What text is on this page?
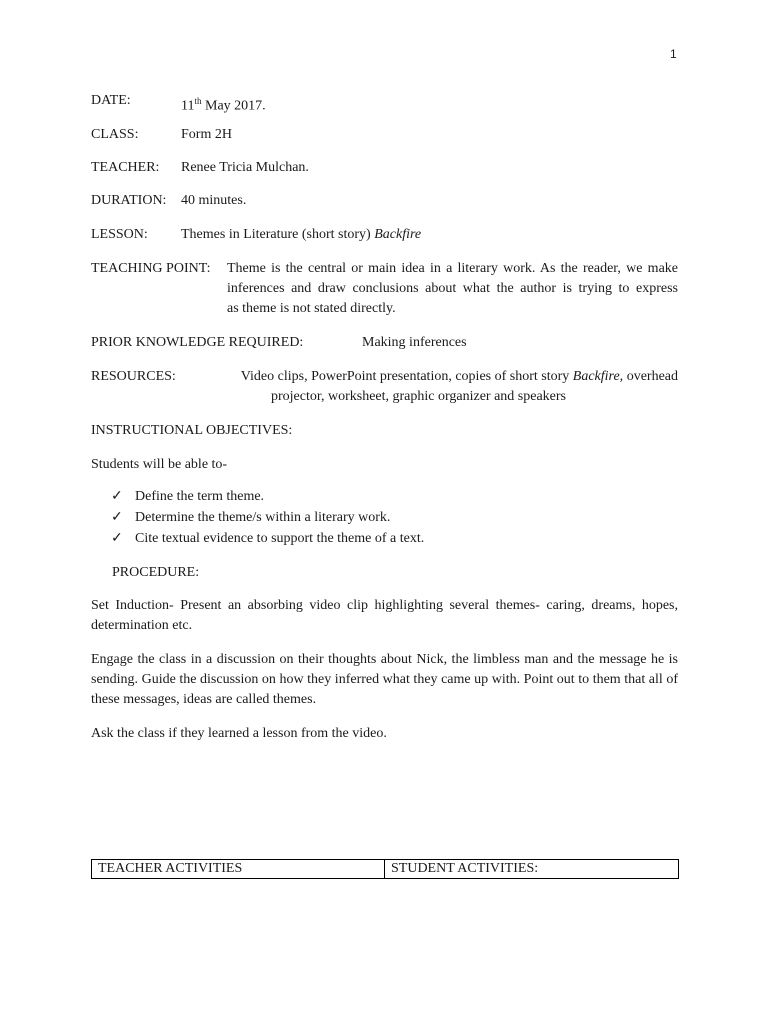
1
DATE:	11th May 2017.
CLASS:	Form 2H
TEACHER: Renee Tricia Mulchan.
DURATION: 40 minutes.
LESSON: Themes in Literature (short story) Backfire
TEACHING POINT: Theme is the central or main idea in a literary work. As the reader, we make
inferences and draw conclusions about what the author is trying to express
as theme is not stated directly.
PRIOR KNOWLEDGE REQUIRED:	Making inferences
RESOURCES:	Video clips, PowerPoint presentation, copies of short story Backfire, overhead
projector, worksheet, graphic organizer and speakers
INSTRUCTIONAL OBJECTIVES:
Students will be able to-
✓ Define the term theme.
✓ Determine the theme/s within a literary work.
✓ Cite textual evidence to support the theme of a text.
PROCEDURE:
Set Induction- Present an absorbing video clip highlighting several themes- caring, dreams, hopes, determination etc.
Engage the class in a discussion on their thoughts about Nick, the limbless man and the message he is sending. Guide the discussion on how they inferred what they came up with. Point out to them that all of these messages, ideas are called themes.
Ask the class if they learned a lesson from the video.
TEACHER ACTIVITIES	STUDENT ACTIVITIES:
